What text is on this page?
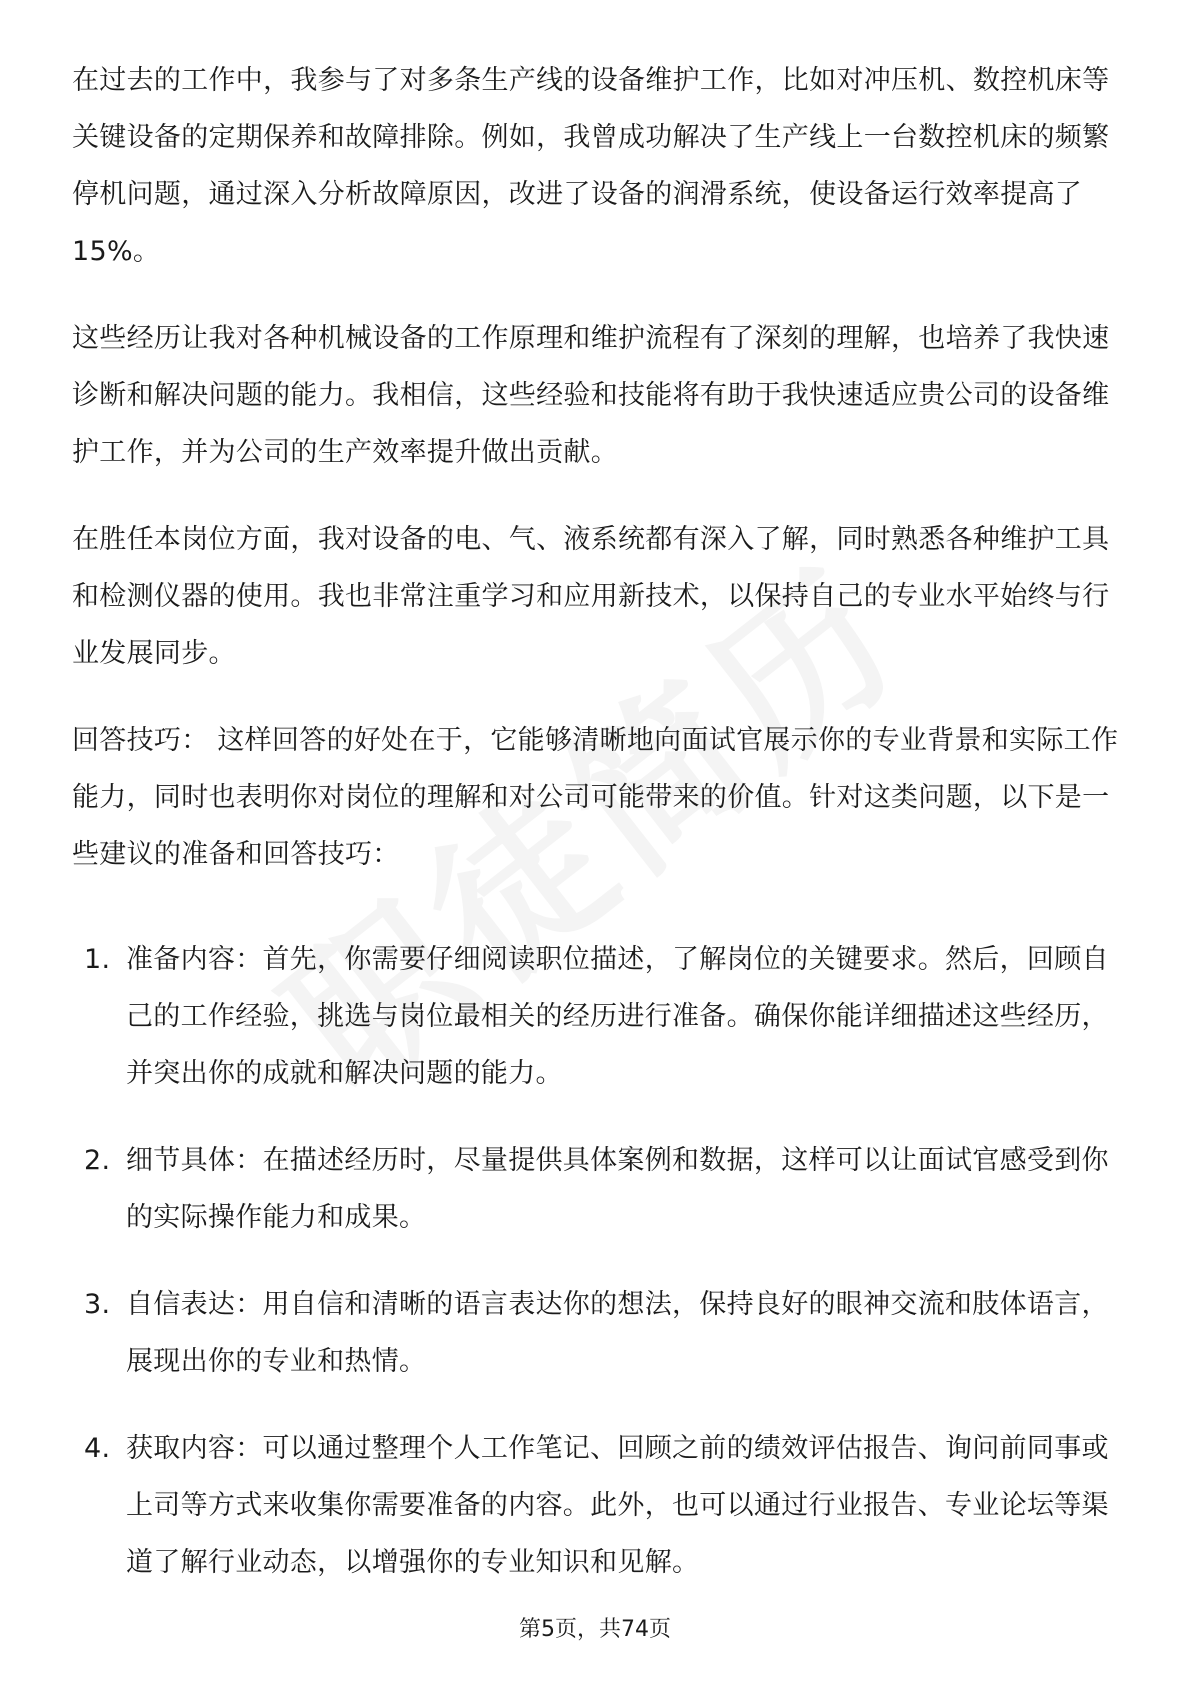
在过去的工作中，我参与了对多条生产线的设备维护工作，比如对冲压机、数控机床等关键设备的定期保养和故障排除。例如，我曾成功解决了生产线上一台数控机床的频繁停机问题，通过深入分析故障原因，改进了设备的润滑系统，使设备运行效率提高了15%。

这些经历让我对各种机械设备的工作原理和维护流程有了深刻的理解，也培养了我快速诊断和解决问题的能力。我相信，这些经验和技能将有助于我快速适应贵公司的设备维护工作，并为公司的生产效率提升做出贡献。

在胜任本岗位方面，我对设备的电、气、液系统都有深入了解，同时熟悉各种维护工具和检测仪器的使用。我也非常注重学习和应用新技术，以保持自己的专业水平始终与行业发展同步。

回答技巧： 这样回答的好处在于，它能够清晰地向面试官展示你的专业背景和实际工作能力，同时也表明你对岗位的理解和对公司可能带来的价值。针对这类问题，以下是一些建议的准备和回答技巧：

1. 准备内容：首先，你需要仔细阅读职位描述，了解岗位的关键要求。然后，回顾自己的工作经验，挑选与岗位最相关的经历进行准备。确保你能详细描述这些经历，并突出你的成就和解决问题的能力。
2. 细节具体：在描述经历时，尽量提供具体案例和数据，这样可以让面试官感受到你的实际操作能力和成果。
3. 自信表达：用自信和清晰的语言表达你的想法，保持良好的眼神交流和肢体语言，展现出你的专业和热情。
4. 获取内容：可以通过整理个人工作笔记、回顾之前的绩效评估报告、询问前同事或上司等方式来收集你需要准备的内容。此外，也可以通过行业报告、专业论坛等渠道了解行业动态，以增强你的专业知识和见解。
第5页，共74页
